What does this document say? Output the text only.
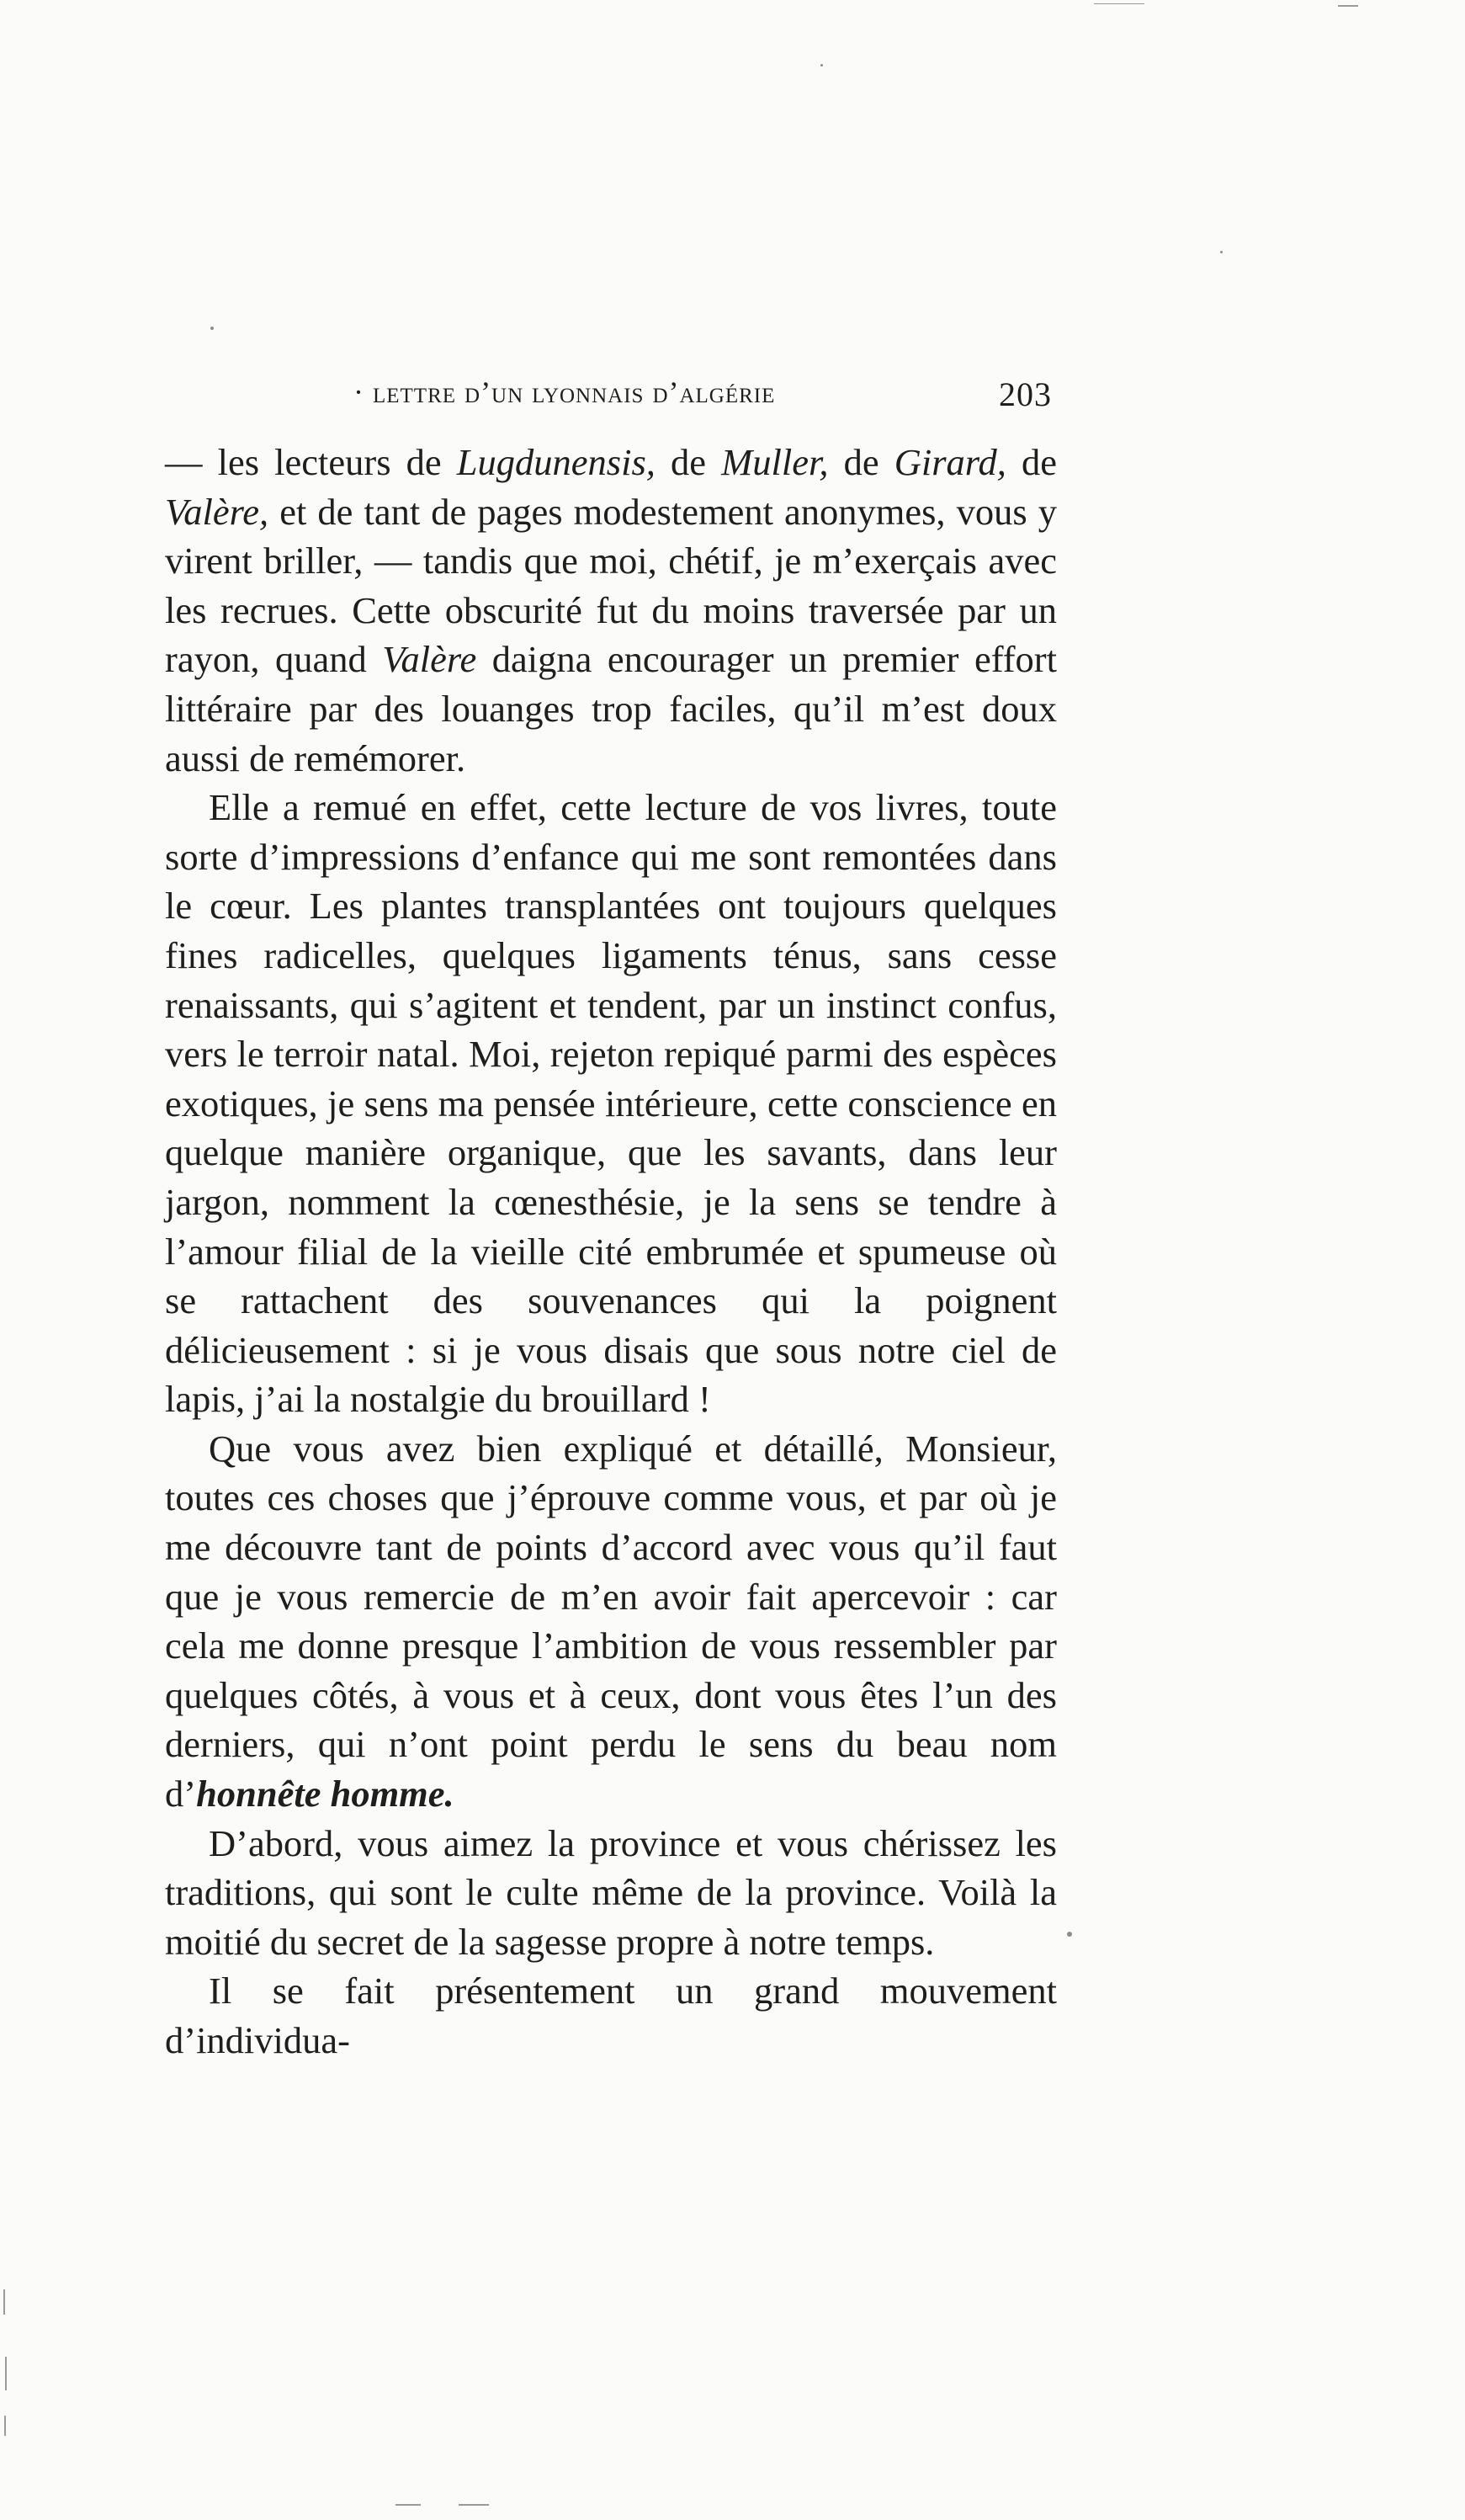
· lettre d’un lyonnais d’algérie	203

— les lecteurs de Lugdunensis, de Muller, de Girard, de Valère, et de tant de pages modestement anonymes, vous y virent briller, — tandis que moi, chétif, je m’exerçais avec les recrues. Cette obscurité fut du moins traversée par un rayon, quand Valère daigna encourager un premier effort littéraire par des louanges trop faciles, qu’il m’est doux aussi de remémorer.

Elle a remué en effet, cette lecture de vos livres, toute sorte d’impressions d’enfance qui me sont remontées dans le cœur. Les plantes transplantées ont toujours quelques fines radicelles, quelques ligaments ténus, sans cesse renaissants, qui s’agitent et tendent, par un instinct confus, vers le terroir natal. Moi, rejeton repiqué parmi des espèces exotiques, je sens ma pensée intérieure, cette conscience en quelque manière organique, que les savants, dans leur jargon, nomment la cœnesthésie, je la sens se tendre à l’amour filial de la vieille cité embrumée et spumeuse où se rattachent des souvenances qui la poignent délicieusement : si je vous disais que sous notre ciel de lapis, j’ai la nostalgie du brouillard !

Que vous avez bien expliqué et détaillé, Monsieur, toutes ces choses que j’éprouve comme vous, et par où je me découvre tant de points d’accord avec vous qu’il faut que je vous remercie de m’en avoir fait apercevoir : car cela me donne presque l’ambition de vous ressembler par quelques côtés, à vous et à ceux, dont vous êtes l’un des derniers, qui n’ont point perdu le sens du beau nom d’honnête homme.

D’abord, vous aimez la province et vous chérissez les traditions, qui sont le culte même de la province. Voilà la moitié du secret de la sagesse propre à notre temps.

Il se fait présentement un grand mouvement d’individua-
